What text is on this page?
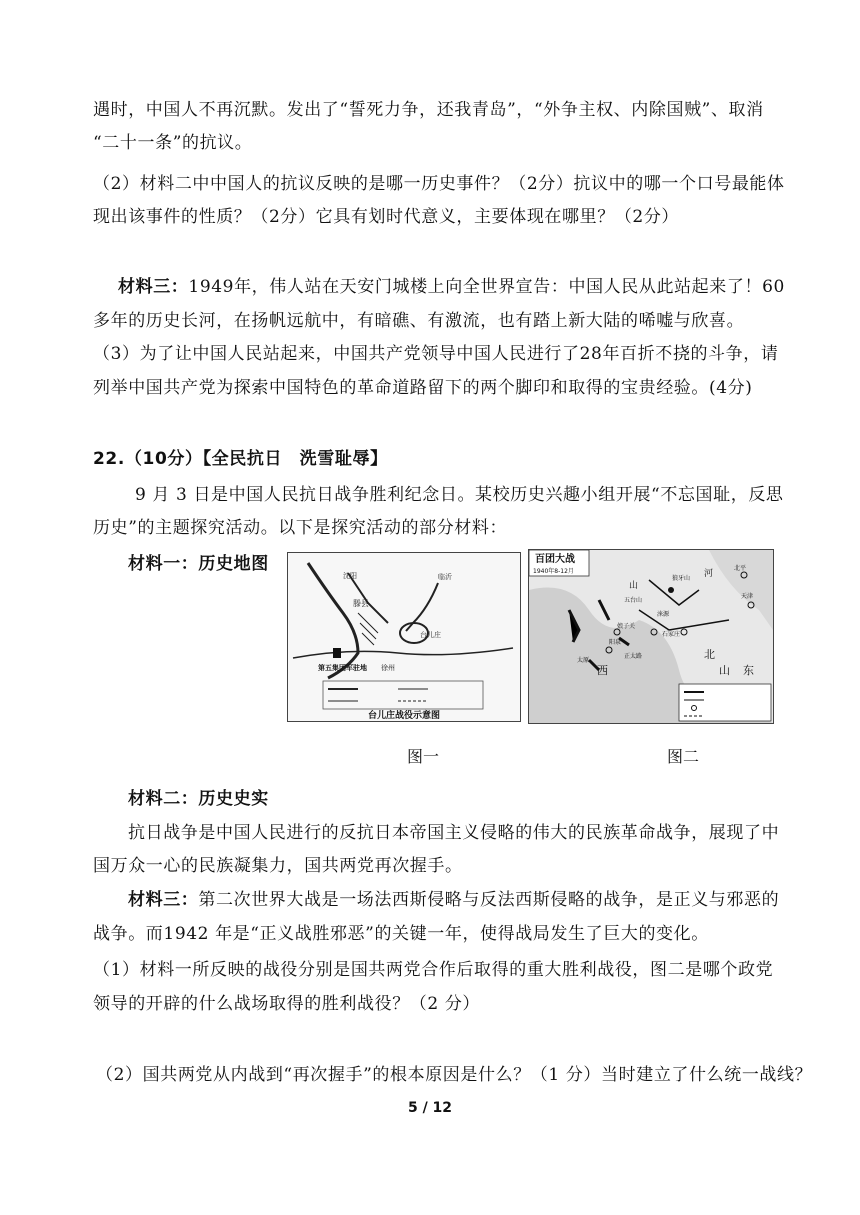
遇时，中国人不再沉默。发出了“誓死力争，还我青岛”，“外争主权、内除国贼”、取消
“二十一条”的抗议。
（2）材料二中中国人的抗议反映的是哪一历史事件？（2分）抗议中的哪一个口号最能体
现出该事件的性质？（2分）它具有划时代意义，主要体现在哪里？（2分）
材料三：1949年，伟人站在天安门城楼上向全世界宣告：中国人民从此站起来了！60
多年的历史长河，在扬帆远航中，有暗礁、有激流，也有踏上新大陆的唏嘘与欣喜。
（3）为了让中国人民站起来，中国共产党领导中国人民进行了28年百折不挠的斗争，请
列举中国共产党为探索中国特色的革命道路留下的两个脚印和取得的宝贵经验。(4分)
22.（10分）【全民抗日　洗雪耻辱】
9 月 3 日是中国人民抗日战争胜利纪念日。某校历史兴趣小组开展“不忘国耻，反思
历史”的主题探究活动。以下是探究活动的部分材料：
材料一：历史地图
沈阳
滕县
临沂
台儿庄
第五集团军驻地 徐州
台儿庄战役示意图
百团大战
1940年8-12月
山
河
北平
天津
五台山
狼牙山
涞源
阳泉
娘子关
石家庄
太原
西
北
东
山
正太路
图一	图二
材料二：历史史实
抗日战争是中国人民进行的反抗日本帝国主义侵略的伟大的民族革命战争，展现了中
国万众一心的民族凝集力，国共两党再次握手。
材料三：第二次世界大战是一场法西斯侵略与反法西斯侵略的战争，是正义与邪恶的
战争。而1942 年是“正义战胜邪恶”的关键一年，使得战局发生了巨大的变化。
（1）材料一所反映的战役分别是国共两党合作后取得的重大胜利战役，图二是哪个政党
领导的开辟的什么战场取得的胜利战役？（2 分）
（2）国共两党从内战到“再次握手”的根本原因是什么？（1 分）当时建立了什么统一战线？
5 / 12
